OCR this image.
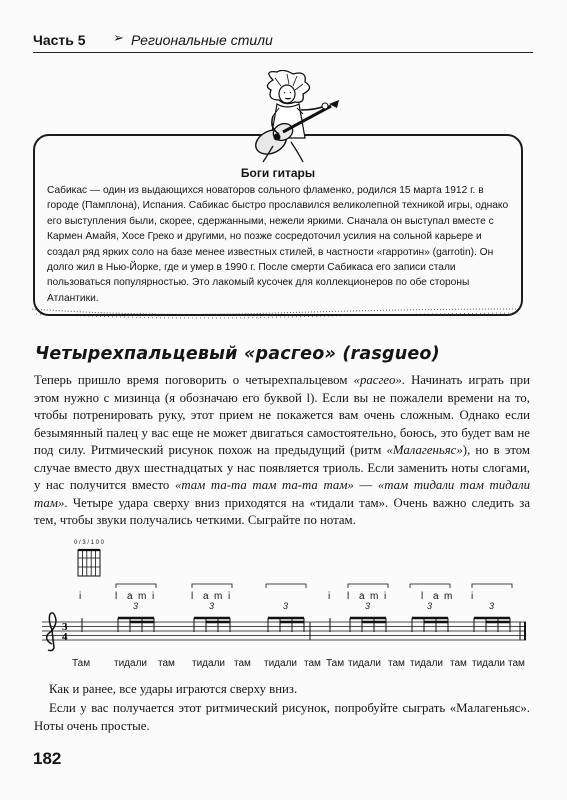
Часть 5 ➢ Региональные стили
Боги гитары
Сабикас — один из выдающихся новаторов сольного фламенко, родился 15 марта 1912 г. в городе (Памплона), Испания. Сабикас быстро прославился великолепной техникой игры, однако его выступления были, скорее, сдержанными, нежели яркими. Сначала он выступал вместе с Кармен Амайя, Хосе Греко и другими, но позже сосредоточил усилия на сольной карьере и создал ряд ярких соло на базе менее известных стилей, в частности «гарротин» (garrotin). Он долго жил в Нью-Йорке, где и умер в 1990 г. После смерти Сабикаса его записи стали пользоваться популярностью. Это лакомый кусочек для коллекционеров по обе стороны Атлантики.
Четырехпальцевый «расгео» (rasgueo)
Теперь пришло время поговорить о четырехпальцевом «расгео». Начинать играть при этом нужно с мизинца (я обозначаю его буквой l). Если вы не пожалели времени на то, чтобы потренировать руку, этот прием не покажется вам очень сложным. Однако если безымянный палец у вас еще не может двигаться самостоятельно, боюсь, это будет вам не под силу. Ритмический рисунок похож на предыдущий (ритм «Малагеньяс»), но в этом случае вместо двух шестнадцатых у нас появляется триоль. Если заменить ноты слогами, у нас получится вместо «там та-та там та-та там» — «там тидали там тидали там». Четыре удара сверху вниз приходятся на «тидали там». Очень важно следить за тем, чтобы звуки получались четкими. Сыграйте по нотам.
3
4
0 / 3 / 1 0 0
i	l a m i	l a m i	i l a m i	l a m i
3	3	3	3	3	3
Там тидали там тидали там тидали там Там тидали там тидали там тидали там
Как и ранее, все удары играются сверху вниз.
Если у вас получается этот ритмический рисунок, попробуйте сыграть «Малагеньяс». Ноты очень простые.
182
